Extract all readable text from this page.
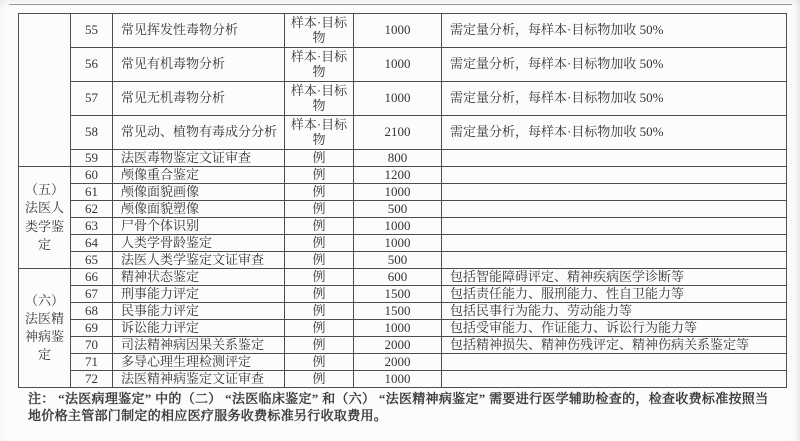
	55	常见挥发性毒物分析	样本·目标物	1000	需定量分析，每样本·目标物加收 50%
	56	常见有机毒物分析	样本·目标物	1000	需定量分析，每样本·目标物加收 50%
	57	常见无机毒物分析	样本·目标物	1000	需定量分析，每样本·目标物加收 50%
	58	常见动、植物有毒成分分析	样本·目标物	2100	需定量分析，每样本·目标物加收 50%
	59	法医毒物鉴定文证审查	例	800	
（五）法医人类学鉴定	60	颅像重合鉴定	例	1200	
	61	颅像面貌画像	例	1000	
	62	颅像面貌塑像	例	500	
	63	尸骨个体识别	例	1000	
	64	人类学骨龄鉴定	例	1000	
	65	法医人类学鉴定文证审查	例	500	
（六）法医精神病鉴定	66	精神状态鉴定	例	600	包括智能障碍评定、精神疾病医学诊断等
	67	刑事能力评定	例	1500	包括责任能力、服刑能力、性自卫能力等
	68	民事能力评定	例	1500	包括民事行为能力、劳动能力等
	69	诉讼能力评定	例	1000	包括受审能力、作证能力、诉讼行为能力等
	70	司法精神病因果关系鉴定	例	2000	包括精神损失、精神伤残评定、精神伤病关系鉴定等
	71	多导心理生理检测评定	例	2000	
	72	法医精神病鉴定文证审查	例	1000	
注： “法医病理鉴定” 中的（二） “法医临床鉴定” 和（六） “法医精神病鉴定” 需要进行医学辅助检查的，检查收费标准按照当地价格主管部门制定的相应医疗服务收费标准另行收取费用。
